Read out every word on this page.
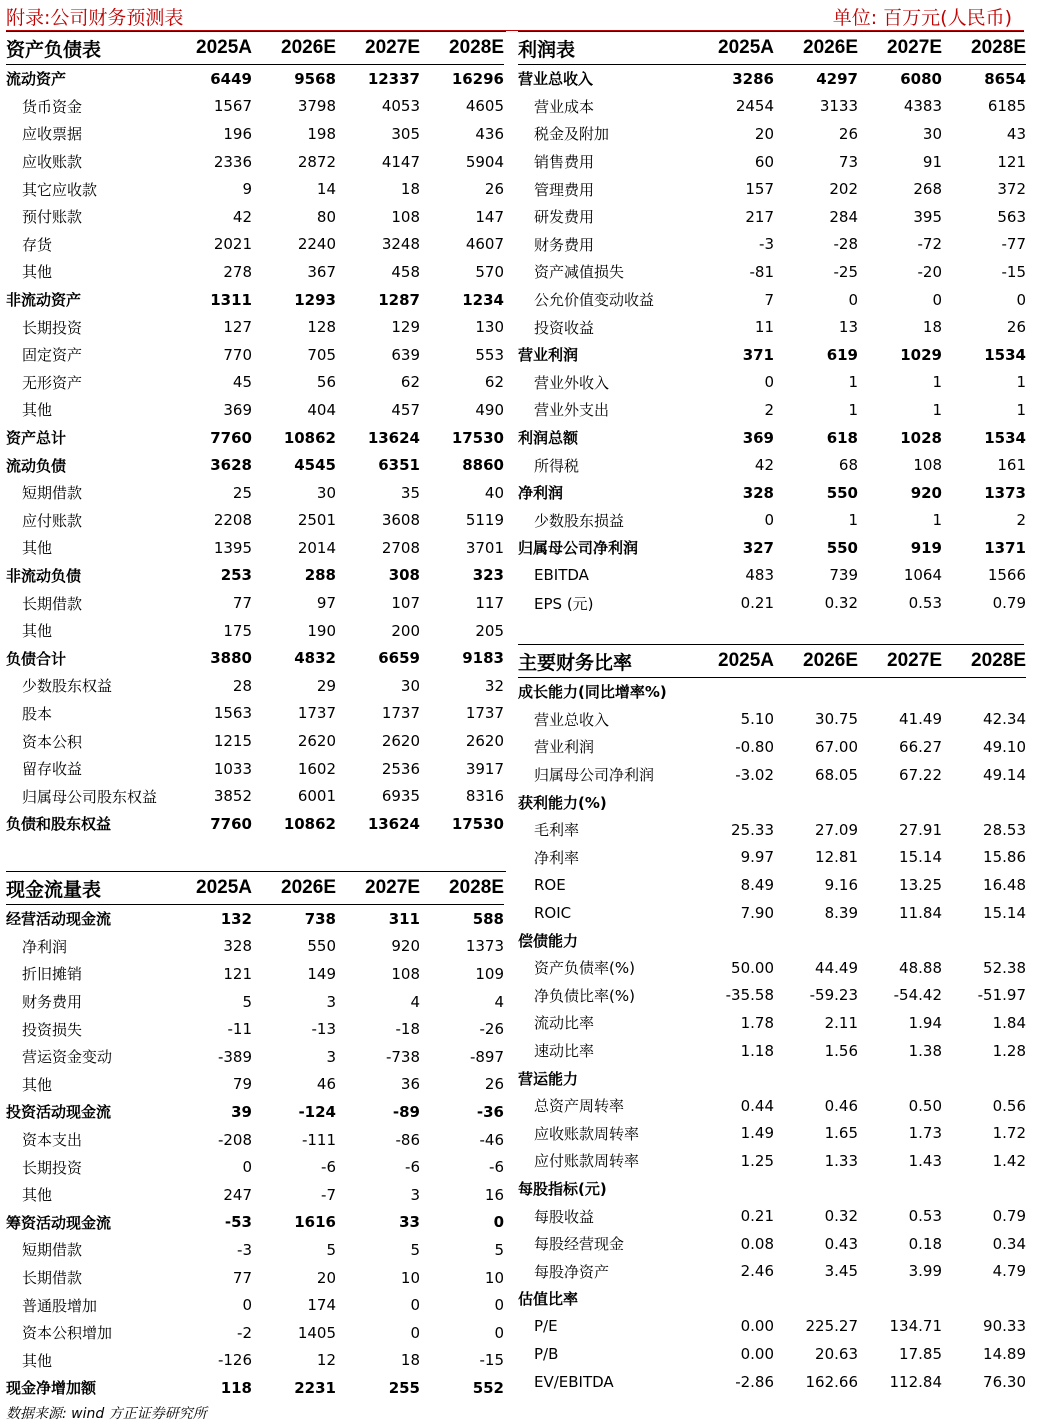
附录:公司财务预测表	单位: 百万元(人民币)
资产负债表	2025A	2026E	2027E	2028E
流动资产	6449	9568	12337	16296
货币资金	1567	3798	4053	4605
应收票据	196	198	305	436
应收账款	2336	2872	4147	5904
其它应收款	9	14	18	26
预付账款	42	80	108	147
存货	2021	2240	3248	4607
其他	278	367	458	570
非流动资产	1311	1293	1287	1234
长期投资	127	128	129	130
固定资产	770	705	639	553
无形资产	45	56	62	62
其他	369	404	457	490
资产总计	7760	10862	13624	17530
流动负债	3628	4545	6351	8860
短期借款	25	30	35	40
应付账款	2208	2501	3608	5119
其他	1395	2014	2708	3701
非流动负债	253	288	308	323
长期借款	77	97	107	117
其他	175	190	200	205
负债合计	3880	4832	6659	9183
少数股东权益	28	29	30	32
股本	1563	1737	1737	1737
资本公积	1215	2620	2620	2620
留存收益	1033	1602	2536	3917
归属母公司股东权益	3852	6001	6935	8316
负债和股东权益	7760	10862	13624	17530
现金流量表	2025A	2026E	2027E	2028E
经营活动现金流	132	738	311	588
净利润	328	550	920	1373
折旧摊销	121	149	108	109
财务费用	5	3	4	4
投资损失	-11	-13	-18	-26
营运资金变动	-389	3	-738	-897
其他	79	46	36	26
投资活动现金流	39	-124	-89	-36
资本支出	-208	-111	-86	-46
长期投资	0	-6	-6	-6
其他	247	-7	3	16
筹资活动现金流	-53	1616	33	0
短期借款	-3	5	5	5
长期借款	77	20	10	10
普通股增加	0	174	0	0
资本公积增加	-2	1405	0	0
其他	-126	12	18	-15
现金净增加额	118	2231	255	552
利润表	2025A	2026E	2027E	2028E
营业总收入	3286	4297	6080	8654
营业成本	2454	3133	4383	6185
税金及附加	20	26	30	43
销售费用	60	73	91	121
管理费用	157	202	268	372
研发费用	217	284	395	563
财务费用	-3	-28	-72	-77
资产减值损失	-81	-25	-20	-15
公允价值变动收益	7	0	0	0
投资收益	11	13	18	26
营业利润	371	619	1029	1534
营业外收入	0	1	1	1
营业外支出	2	1	1	1
利润总额	369	618	1028	1534
所得税	42	68	108	161
净利润	328	550	920	1373
少数股东损益	0	1	1	2
归属母公司净利润	327	550	919	1371
EBITDA	483	739	1064	1566
EPS (元)	0.21	0.32	0.53	0.79
主要财务比率	2025A	2026E	2027E	2028E
成长能力(同比增率%)				
营业总收入	5.10	30.75	41.49	42.34
营业利润	-0.80	67.00	66.27	49.10
归属母公司净利润	-3.02	68.05	67.22	49.14
获利能力(%)				
毛利率	25.33	27.09	27.91	28.53
净利率	9.97	12.81	15.14	15.86
ROE	8.49	9.16	13.25	16.48
ROIC	7.90	8.39	11.84	15.14
偿债能力				
资产负债率(%)	50.00	44.49	48.88	52.38
净负债比率(%)	-35.58	-59.23	-54.42	-51.97
流动比率	1.78	2.11	1.94	1.84
速动比率	1.18	1.56	1.38	1.28
营运能力				
总资产周转率	0.44	0.46	0.50	0.56
应收账款周转率	1.49	1.65	1.73	1.72
应付账款周转率	1.25	1.33	1.43	1.42
每股指标(元)				
每股收益	0.21	0.32	0.53	0.79
每股经营现金	0.08	0.43	0.18	0.34
每股净资产	2.46	3.45	3.99	4.79
估值比率				
P/E	0.00	225.27	134.71	90.33
P/B	0.00	20.63	17.85	14.89
EV/EBITDA	-2.86	162.66	112.84	76.30
数据来源: wind 方正证券研究所
